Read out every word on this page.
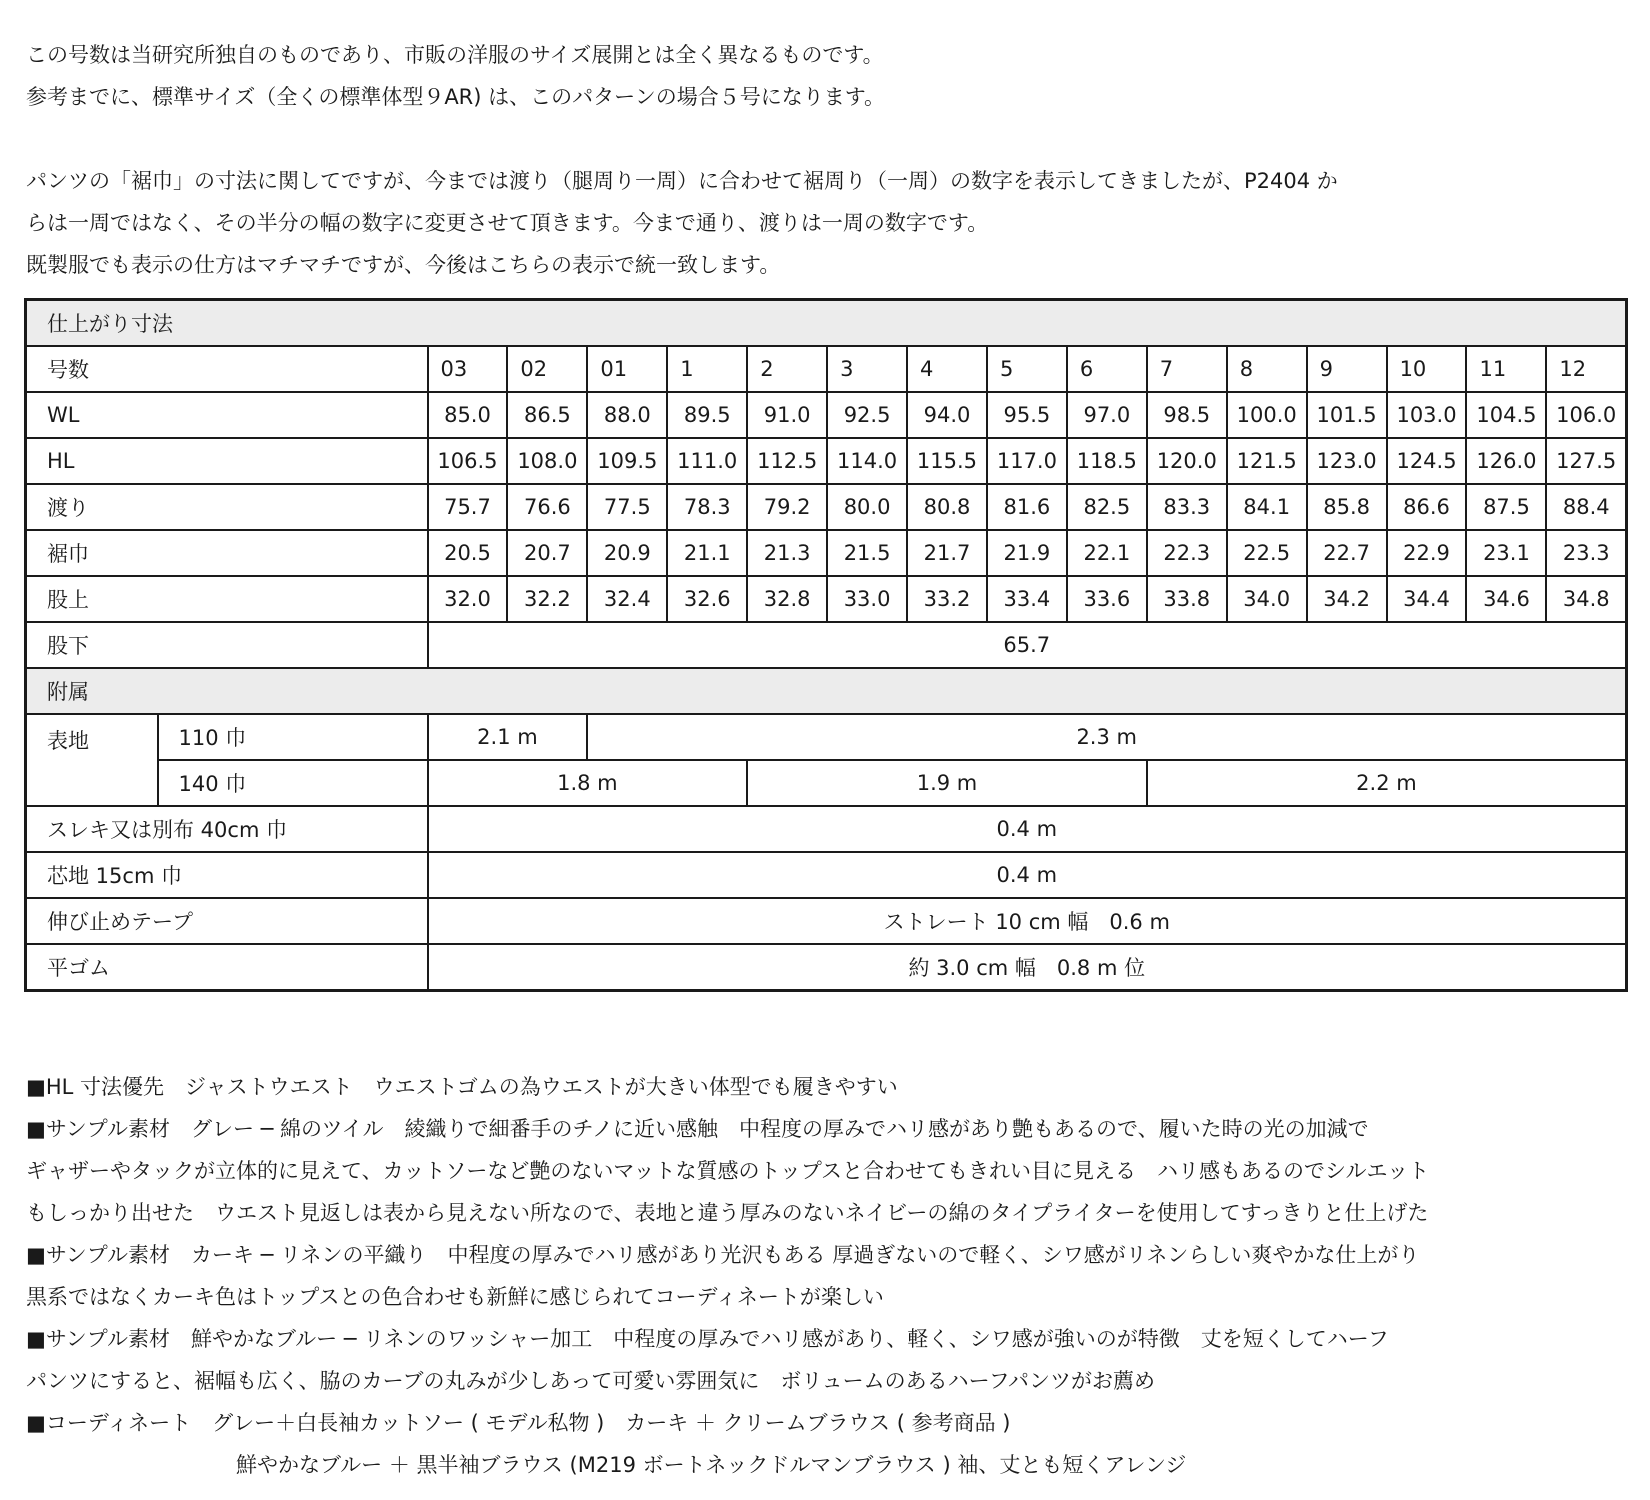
この号数は当研究所独自のものであり、市販の洋服のサイズ展開とは全く異なるものです。

参考までに、標準サイズ（全くの標準体型９AR) は、このパターンの場合５号になります。

パンツの「裾巾」の寸法に関してですが、今までは渡り（腿周り一周）に合わせて裾周り（一周）の数字を表示してきましたが、P2404 か

らは一周ではなく、その半分の幅の数字に変更させて頂きます。今まで通り、渡りは一周の数字です。

既製服でも表示の仕方はマチマチですが、今後はこちらの表示で統一致します。

仕上がり寸法																
号数		03	02	01	1	2	3	4	5	6	7	8	9	10	11	12
WL		85.0	86.5	88.0	89.5	91.0	92.5	94.0	95.5	97.0	98.5	100.0	101.5	103.0	104.5	106.0
HL		106.5	108.0	109.5	111.0	112.5	114.0	115.5	117.0	118.5	120.0	121.5	123.0	124.5	126.0	127.5
渡り		75.7	76.6	77.5	78.3	79.2	80.0	80.8	81.6	82.5	83.3	84.1	85.8	86.6	87.5	88.4
裾巾		20.5	20.7	20.9	21.1	21.3	21.5	21.7	21.9	22.1	22.3	22.5	22.7	22.9	23.1	23.3
股上		32.0	32.2	32.4	32.6	32.8	33.0	33.2	33.4	33.6	33.8	34.0	34.2	34.4	34.6	34.8
股下		65.7														
附属																
表地	110 巾	2.1 m		2.3 m												
	140 巾	1.8 m				1.9 m					2.2 m					
スレキ又は別布 40cm 巾		0.4 m														
芯地 15cm 巾		0.4 m														
伸び止めテープ		ストレート 10 cm 幅　0.6 m														
平ゴム		約 3.0 cm 幅　0.8 m 位														

■HL 寸法優先　ジャストウエスト　ウエストゴムの為ウエストが大きい体型でも履きやすい

■サンプル素材　グレー ─ 綿のツイル　綾織りで細番手のチノに近い感触　中程度の厚みでハリ感があり艶もあるので、履いた時の光の加減で

ギャザーやタックが立体的に見えて、カットソーなど艶のないマットな質感のトップスと合わせてもきれい目に見える　ハリ感もあるのでシルエット

もしっかり出せた　ウエスト見返しは表から見えない所なので、表地と違う厚みのないネイビーの綿のタイプライターを使用してすっきりと仕上げた

■サンプル素材　カーキ ─ リネンの平織り　中程度の厚みでハリ感があり光沢もある 厚過ぎないので軽く、シワ感がリネンらしい爽やかな仕上がり

黒系ではなくカーキ色はトップスとの色合わせも新鮮に感じられてコーディネートが楽しい

■サンプル素材　鮮やかなブルー ─ リネンのワッシャー加工　中程度の厚みでハリ感があり、軽く、シワ感が強いのが特徴　丈を短くしてハーフ

パンツにすると、裾幅も広く、脇のカーブの丸みが少しあって可愛い雰囲気に　ボリュームのあるハーフパンツがお薦め

■コーディネート　グレー＋白長袖カットソー ( モデル私物 )　カーキ ＋ クリームブラウス ( 参考商品 )

鮮やかなブルー ＋ 黒半袖ブラウス (M219 ボートネックドルマンブラウス ) 袖、丈とも短くアレンジ
